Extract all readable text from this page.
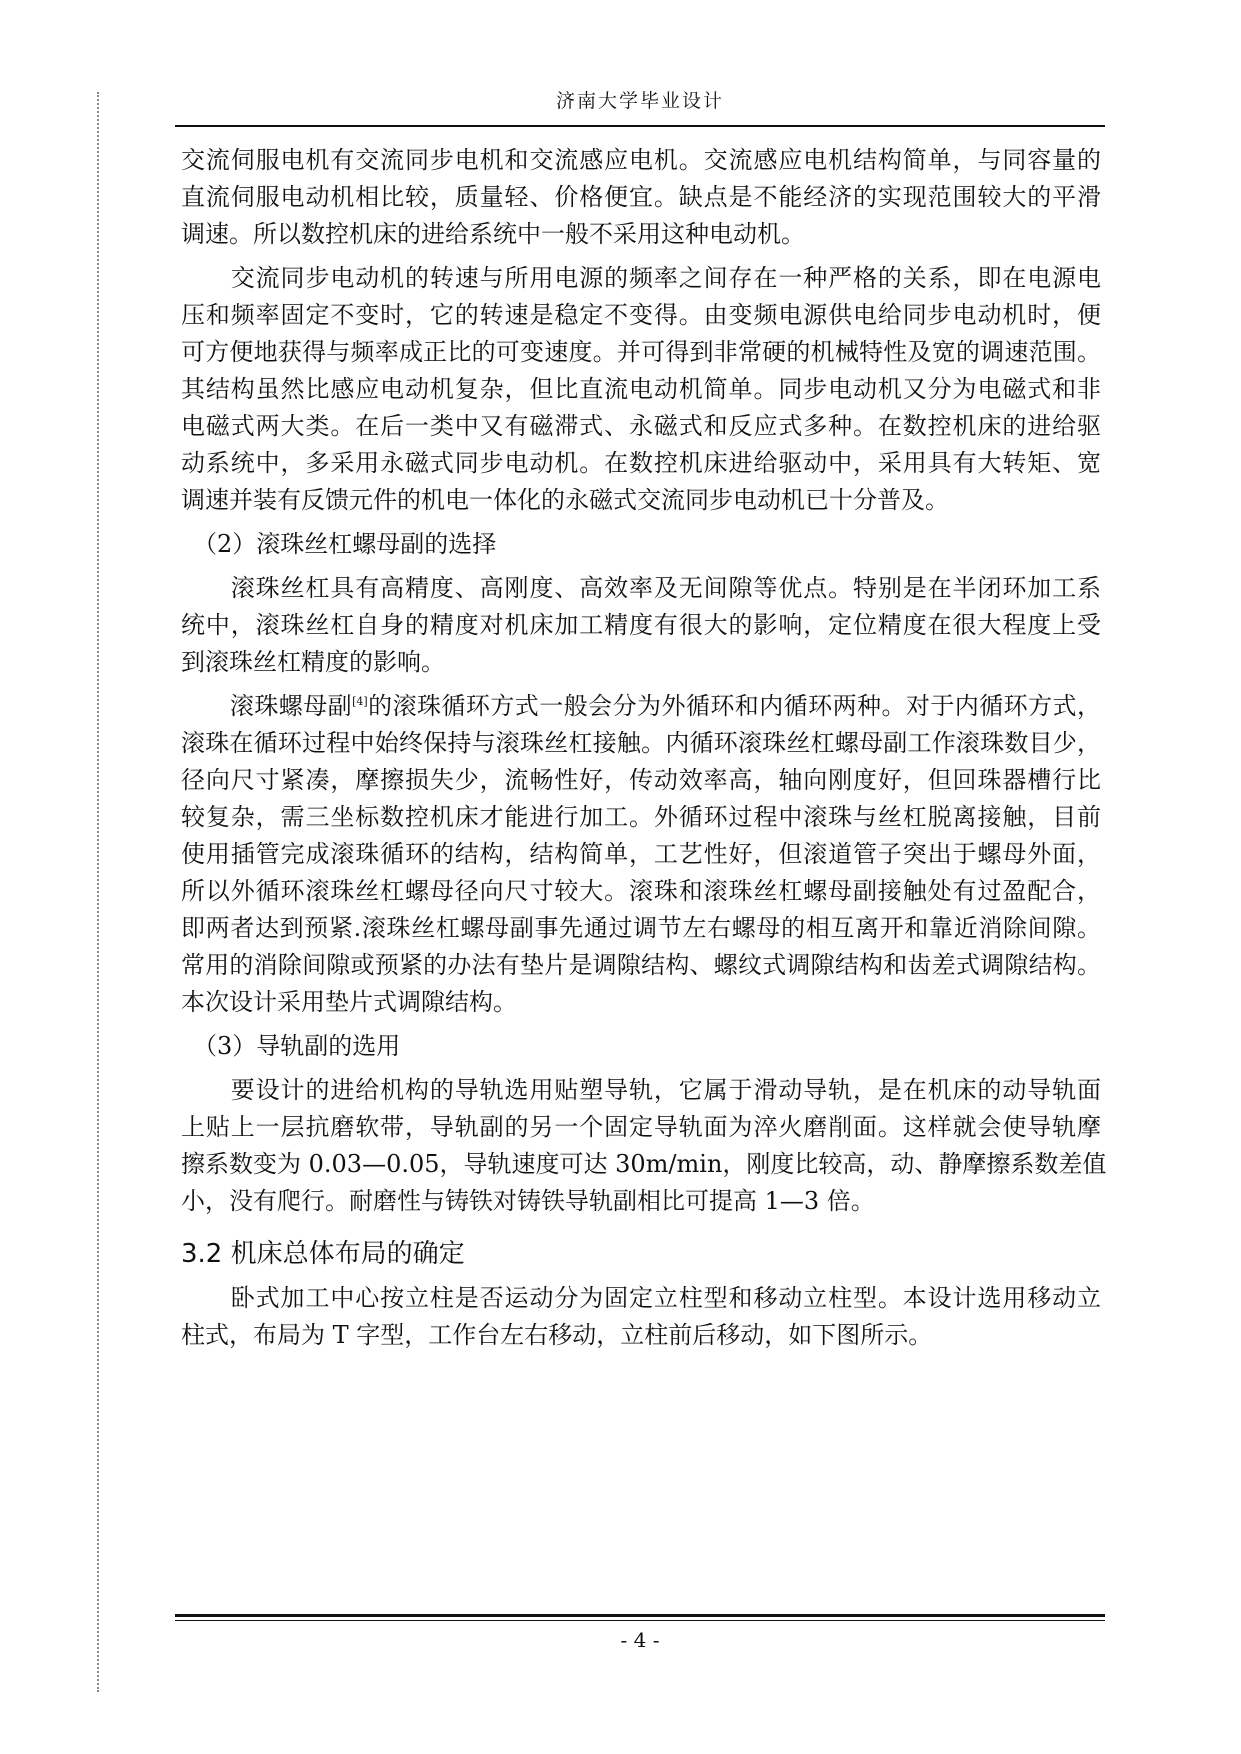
济南大学毕业设计
交流伺服电机有交流同步电机和交流感应电机。交流感应电机结构简单，与同容量的
直流伺服电动机相比较，质量轻、价格便宜。缺点是不能经济的实现范围较大的平滑
调速。所以数控机床的进给系统中一般不采用这种电动机。
　　交流同步电动机的转速与所用电源的频率之间存在一种严格的关系，即在电源电
压和频率固定不变时，它的转速是稳定不变得。由变频电源供电给同步电动机时，便
可方便地获得与频率成正比的可变速度。并可得到非常硬的机械特性及宽的调速范围。
其结构虽然比感应电动机复杂，但比直流电动机简单。同步电动机又分为电磁式和非
电磁式两大类。在后一类中又有磁滞式、永磁式和反应式多种。在数控机床的进给驱
动系统中，多采用永磁式同步电动机。在数控机床进给驱动中，采用具有大转矩、宽
调速并装有反馈元件的机电一体化的永磁式交流同步电动机已十分普及。
　（2）滚珠丝杠螺母副的选择
　　滚珠丝杠具有高精度、高刚度、高效率及无间隙等优点。特别是在半闭环加工系
统中，滚珠丝杠自身的精度对机床加工精度有很大的影响，定位精度在很大程度上受
到滚珠丝杠精度的影响。
　　滚珠螺母副[4]的滚珠循环方式一般会分为外循环和内循环两种。对于内循环方式，
滚珠在循环过程中始终保持与滚珠丝杠接触。内循环滚珠丝杠螺母副工作滚珠数目少，
径向尺寸紧凑，摩擦损失少，流畅性好，传动效率高，轴向刚度好，但回珠器槽行比
较复杂，需三坐标数控机床才能进行加工。外循环过程中滚珠与丝杠脱离接触，目前
使用插管完成滚珠循环的结构，结构简单，工艺性好，但滚道管子突出于螺母外面，
所以外循环滚珠丝杠螺母径向尺寸较大。滚珠和滚珠丝杠螺母副接触处有过盈配合，
即两者达到预紧.滚珠丝杠螺母副事先通过调节左右螺母的相互离开和靠近消除间隙。
常用的消除间隙或预紧的办法有垫片是调隙结构、螺纹式调隙结构和齿差式调隙结构。
本次设计采用垫片式调隙结构。
　（3）导轨副的选用
　　要设计的进给机构的导轨选用贴塑导轨，它属于滑动导轨，是在机床的动导轨面
上贴上一层抗磨软带，导轨副的另一个固定导轨面为淬火磨削面。这样就会使导轨摩
擦系数变为 0.03—0.05，导轨速度可达 30m/min，刚度比较高，动、静摩擦系数差值
小，没有爬行。耐磨性与铸铁对铸铁导轨副相比可提高 1—3 倍。
3.2 机床总体布局的确定
　　卧式加工中心按立柱是否运动分为固定立柱型和移动立柱型。本设计选用移动立
柱式，布局为 T 字型，工作台左右移动，立柱前后移动，如下图所示。
- 4 -
